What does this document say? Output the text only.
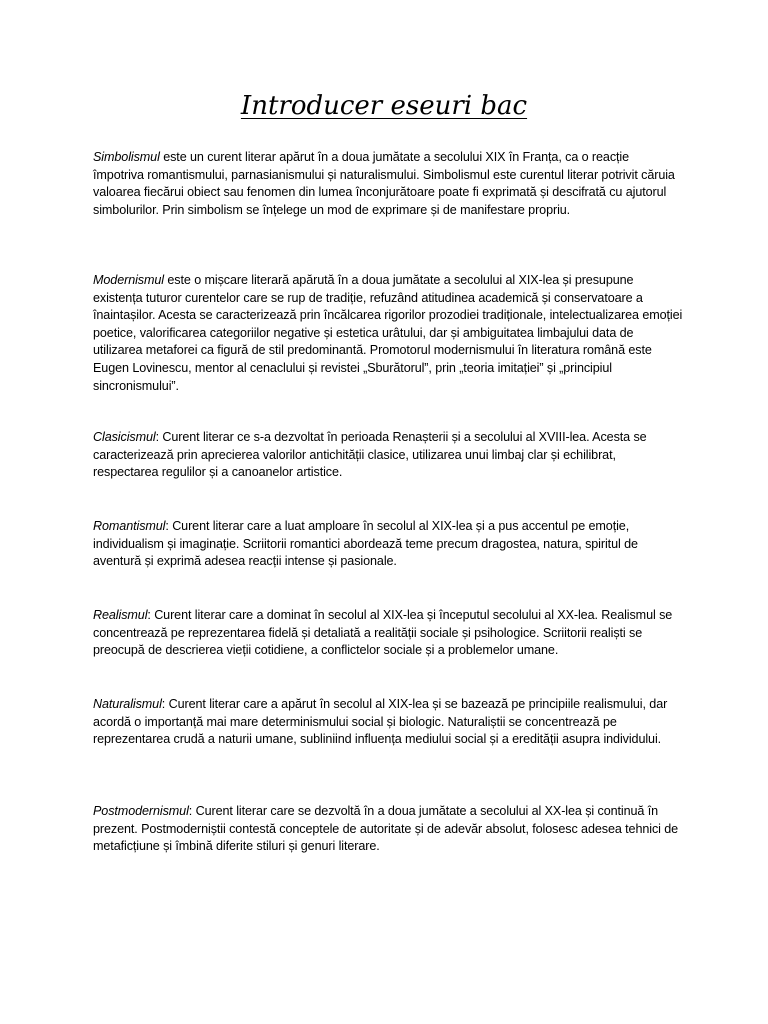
Introducer eseuri bac

Simbolismul este un curent literar apărut în a doua jumătate a secolului XIX în Franța, ca o reacție împotriva romantismului, parnasianismului și naturalismului. Simbolismul este curentul literar potrivit căruia valoarea fiecărui obiect sau fenomen din lumea înconjurătoare poate fi exprimată și descifrată cu ajutorul simbolurilor. Prin simbolism se înțelege un mod de exprimare și de manifestare propriu.

Modernismul este o mișcare literară apărută în a doua jumătate a secolului al XIX-lea și presupune existența tuturor curentelor care se rup de tradiție, refuzând atitudinea academică și conservatoare a înaintașilor. Acesta se caracterizează prin încălcarea rigorilor prozodiei tradiționale, intelectualizarea emoției poetice, valorificarea categoriilor negative și estetica urâtului, dar și ambiguitatea limbajului data de utilizarea metaforei ca figură de stil predominantă. Promotorul modernismului în literatura română este Eugen Lovinescu, mentor al cenaclului și revistei „Sburătorul”, prin „teoria imitației” și „principiul sincronismului”.

Clasicismul: Curent literar ce s-a dezvoltat în perioada Renașterii și a secolului al XVIII-lea. Acesta se caracterizează prin aprecierea valorilor antichității clasice, utilizarea unui limbaj clar și echilibrat, respectarea regulilor și a canoanelor artistice.

Romantismul: Curent literar care a luat amploare în secolul al XIX-lea și a pus accentul pe emoție, individualism și imaginație. Scriitorii romantici abordează teme precum dragostea, natura, spiritul de aventură și exprimă adesea reacții intense și pasionale.

Realismul: Curent literar care a dominat în secolul al XIX-lea și începutul secolului al XX-lea. Realismul se concentrează pe reprezentarea fidelă și detaliată a realității sociale și psihologice. Scriitorii realiști se preocupă de descrierea vieții cotidiene, a conflictelor sociale și a problemelor umane.

Naturalismul: Curent literar care a apărut în secolul al XIX-lea și se bazează pe principiile realismului, dar acordă o importanță mai mare determinismului social și biologic. Naturaliștii se concentrează pe reprezentarea crudă a naturii umane, subliniind influența mediului social și a eredității asupra individului.

Postmodernismul: Curent literar care se dezvoltă în a doua jumătate a secolului al XX-lea și continuă în prezent. Postmoderniștii contestă conceptele de autoritate și de adevăr absolut, folosesc adesea tehnici de metaficțiune și îmbină diferite stiluri și genuri literare.
